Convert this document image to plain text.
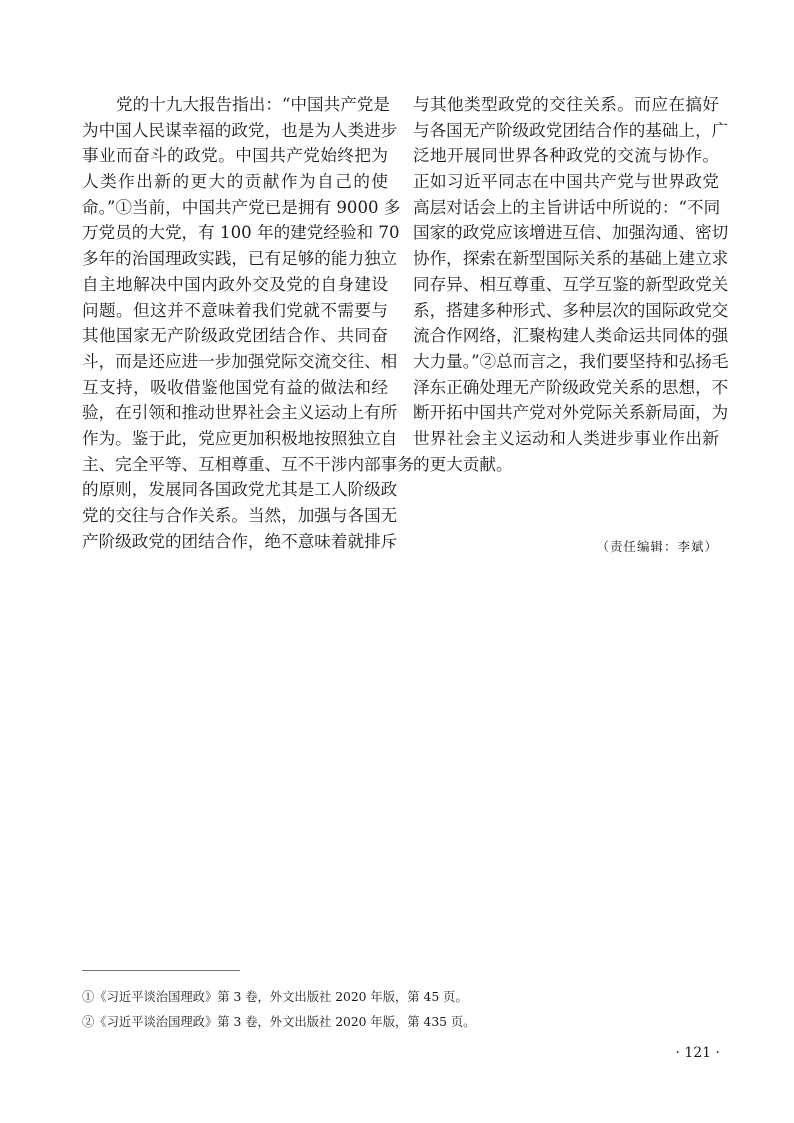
党的十九大报告指出：“中国共产党是
为中国人民谋幸福的政党，也是为人类进步
事业而奋斗的政党。中国共产党始终把为
人类作出新的更大的贡献作为自己的使
命。”①当前，中国共产党已是拥有 9000 多
万党员的大党，有 100 年的建党经验和 70
多年的治国理政实践，已有足够的能力独立
自主地解决中国内政外交及党的自身建设
问题。但这并不意味着我们党就不需要与
其他国家无产阶级政党团结合作、共同奋
斗，而是还应进一步加强党际交流交往、相
互支持，吸收借鉴他国党有益的做法和经
验，在引领和推动世界社会主义运动上有所
作为。鉴于此，党应更加积极地按照独立自
主、完全平等、互相尊重、互不干涉内部事务
的原则，发展同各国政党尤其是工人阶级政
党的交往与合作关系。当然，加强与各国无
产阶级政党的团结合作，绝不意味着就排斥
与其他类型政党的交往关系。而应在搞好
与各国无产阶级政党团结合作的基础上，广
泛地开展同世界各种政党的交流与协作。
正如习近平同志在中国共产党与世界政党
高层对话会上的主旨讲话中所说的：“不同
国家的政党应该增进互信、加强沟通、密切
协作，探索在新型国际关系的基础上建立求
同存异、相互尊重、互学互鉴的新型政党关
系，搭建多种形式、多种层次的国际政党交
流合作网络，汇聚构建人类命运共同体的强
大力量。”②总而言之，我们要坚持和弘扬毛
泽东正确处理无产阶级政党关系的思想，不
断开拓中国共产党对外党际关系新局面，为
世界社会主义运动和人类进步事业作出新
的更大贡献。
（责任编辑：李斌）
①《习近平谈治国理政》第 3 卷，外文出版社 2020 年版，第 45 页。
②《习近平谈治国理政》第 3 卷，外文出版社 2020 年版，第 435 页。
· 121 ·
